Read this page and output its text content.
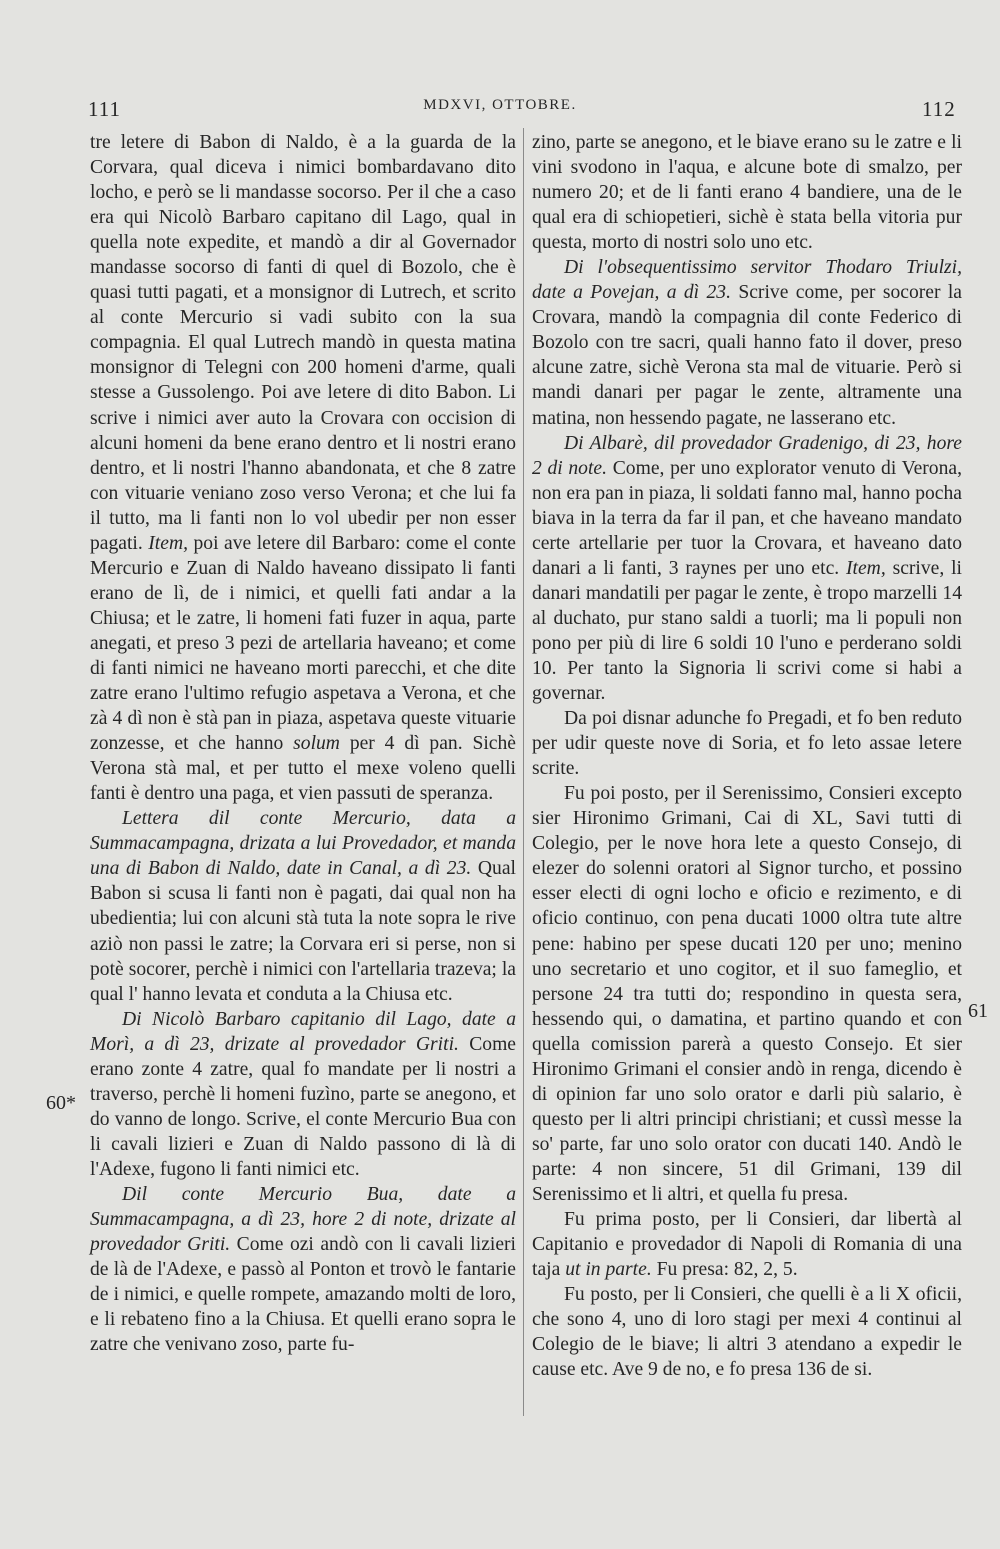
111	MDXVI, OTTOBRE.	112
60*
61

tre letere di Babon di Naldo, è a la guarda de la Corvara, qual diceva i nimici bombardavano dito locho, e però se li mandasse socorso. Per il che a caso era qui Nicolò Barbaro capitano dil Lago, qual in quella note expedite, et mandò a dir al Governador mandasse socorso di fanti di quel di Bozolo, che è quasi tutti pagati, et a monsignor di Lutrech, et scrito al conte Mercurio si vadi subito con la sua compagnia. El qual Lutrech mandò in questa matina monsignor di Telegni con 200 homeni d'arme, quali stesse a Gussolengo. Poi ave letere di dito Babon. Li scrive i nimici aver auto la Crovara con occision di alcuni homeni da bene erano dentro et li nostri erano dentro, et li nostri l'hanno abandonata, et che 8 zatre con vituarie veniano zoso verso Verona; et che lui fa il tutto, ma li fanti non lo vol ubedir per non esser pagati. Item, poi ave letere dil Barbaro: come el conte Mercurio e Zuan di Naldo haveano dissipato li fanti erano de lì, de i nimici, et quelli fati andar a la Chiusa; et le zatre, li homeni fati fuzer in aqua, parte anegati, et preso 3 pezi de artellaria haveano; et come di fanti nimici ne haveano morti parecchi, et che dite zatre erano l'ultimo refugio aspetava a Verona, et che zà 4 dì non è stà pan in piaza, aspetava queste vituarie zonzesse, et che hanno solum per 4 dì pan. Sichè Verona stà mal, et per tutto el mexe voleno quelli fanti è dentro una paga, et vien passuti de speranza.

Lettera dil conte Mercurio, data a Summacampagna, drizata a lui Provedador, et manda una di Babon di Naldo, date in Canal, a dì 23. Qual Babon si scusa li fanti non è pagati, dai qual non ha ubedientia; lui con alcuni stà tuta la note sopra le rive aziò non passi le zatre; la Corvara eri si perse, non si potè socorer, perchè i nimici con l'artellaria trazeva; la qual l' hanno levata et conduta a la Chiusa etc.

Di Nicolò Barbaro capitanio dil Lago, date a Morì, a dì 23, drizate al provedador Griti. Come erano zonte 4 zatre, qual fo mandate per li nostri a traverso, perchè li homeni fuzìno, parte se anegono, et do vanno de longo. Scrive, el conte Mercurio Bua con li cavali lizieri e Zuan di Naldo passono di là di l'Adexe, fugono li fanti nimici etc.

Dil conte Mercurio Bua, date a Summacampagna, a dì 23, hore 2 di note, drizate al provedador Griti. Come ozi andò con li cavali lizieri de là de l'Adexe, e passò al Ponton et trovò le fantarie de i nimici, e quelle rompete, amazando molti de loro, e li rebateno fino a la Chiusa. Et quelli erano sopra le zatre che venivano zoso, parte fu-

zino, parte se anegono, et le biave erano su le zatre e li vini svodono in l'aqua, e alcune bote di smalzo, per numero 20; et de li fanti erano 4 bandiere, una de le qual era di schiopetieri, sichè è stata bella vitoria pur questa, morto di nostri solo uno etc.

Di l'obsequentissimo servitor Thodaro Triulzi, date a Povejan, a dì 23. Scrive come, per socorer la Crovara, mandò la compagnia dil conte Federico di Bozolo con tre sacri, quali hanno fato il dover, preso alcune zatre, sichè Verona sta mal de vituarie. Però si mandi danari per pagar le zente, altramente una matina, non hessendo pagate, ne lasserano etc.

Di Albarè, dil provedador Gradenigo, di 23, hore 2 di note. Come, per uno explorator venuto di Verona, non era pan in piaza, li soldati fanno mal, hanno pocha biava in la terra da far il pan, et che haveano mandato certe artellarie per tuor la Crovara, et haveano dato danari a li fanti, 3 raynes per uno etc. Item, scrive, li danari mandatili per pagar le zente, è tropo marzelli 14 al duchato, pur stano saldi a tuorli; ma li populi non pono per più di lire 6 soldi 10 l'uno e perderano soldi 10. Per tanto la Signoria li scrivi come si habi a governar.

Da poi disnar adunche fo Pregadi, et fo ben reduto per udir queste nove di Soria, et fo leto assae letere scrite.

Fu poi posto, per il Serenissimo, Consieri excepto sier Hironimo Grimani, Cai di XL, Savi tutti di Colegio, per le nove hora lete a questo Consejo, di elezer do solenni oratori al Signor turcho, et possino esser electi di ogni locho e oficio e rezimento, e di oficio continuo, con pena ducati 1000 oltra tute altre pene: habino per spese ducati 120 per uno; menino uno secretario et uno cogitor, et il suo fameglio, et persone 24 tra tutti do; respondino in questa sera, hessendo qui, o damatina, et partino quando et con quella comission parerà a questo Consejo. Et sier Hironimo Grimani el consier andò in renga, dicendo è di opinion far uno solo orator e darli più salario, è questo per li altri principi christiani; et cussì messe la so' parte, far uno solo orator con ducati 140. Andò le parte: 4 non sincere, 51 dil Grimani, 139 dil Serenissimo et li altri, et quella fu presa.

Fu prima posto, per li Consieri, dar libertà al Capitanio e provedador di Napoli di Romania di una taja ut in parte. Fu presa: 82, 2, 5.

Fu posto, per li Consieri, che quelli è a li X oficii, che sono 4, uno di loro stagi per mexi 4 continui al Colegio de le biave; li altri 3 atendano a expedir le cause etc. Ave 9 de no, e fo presa 136 de si.
